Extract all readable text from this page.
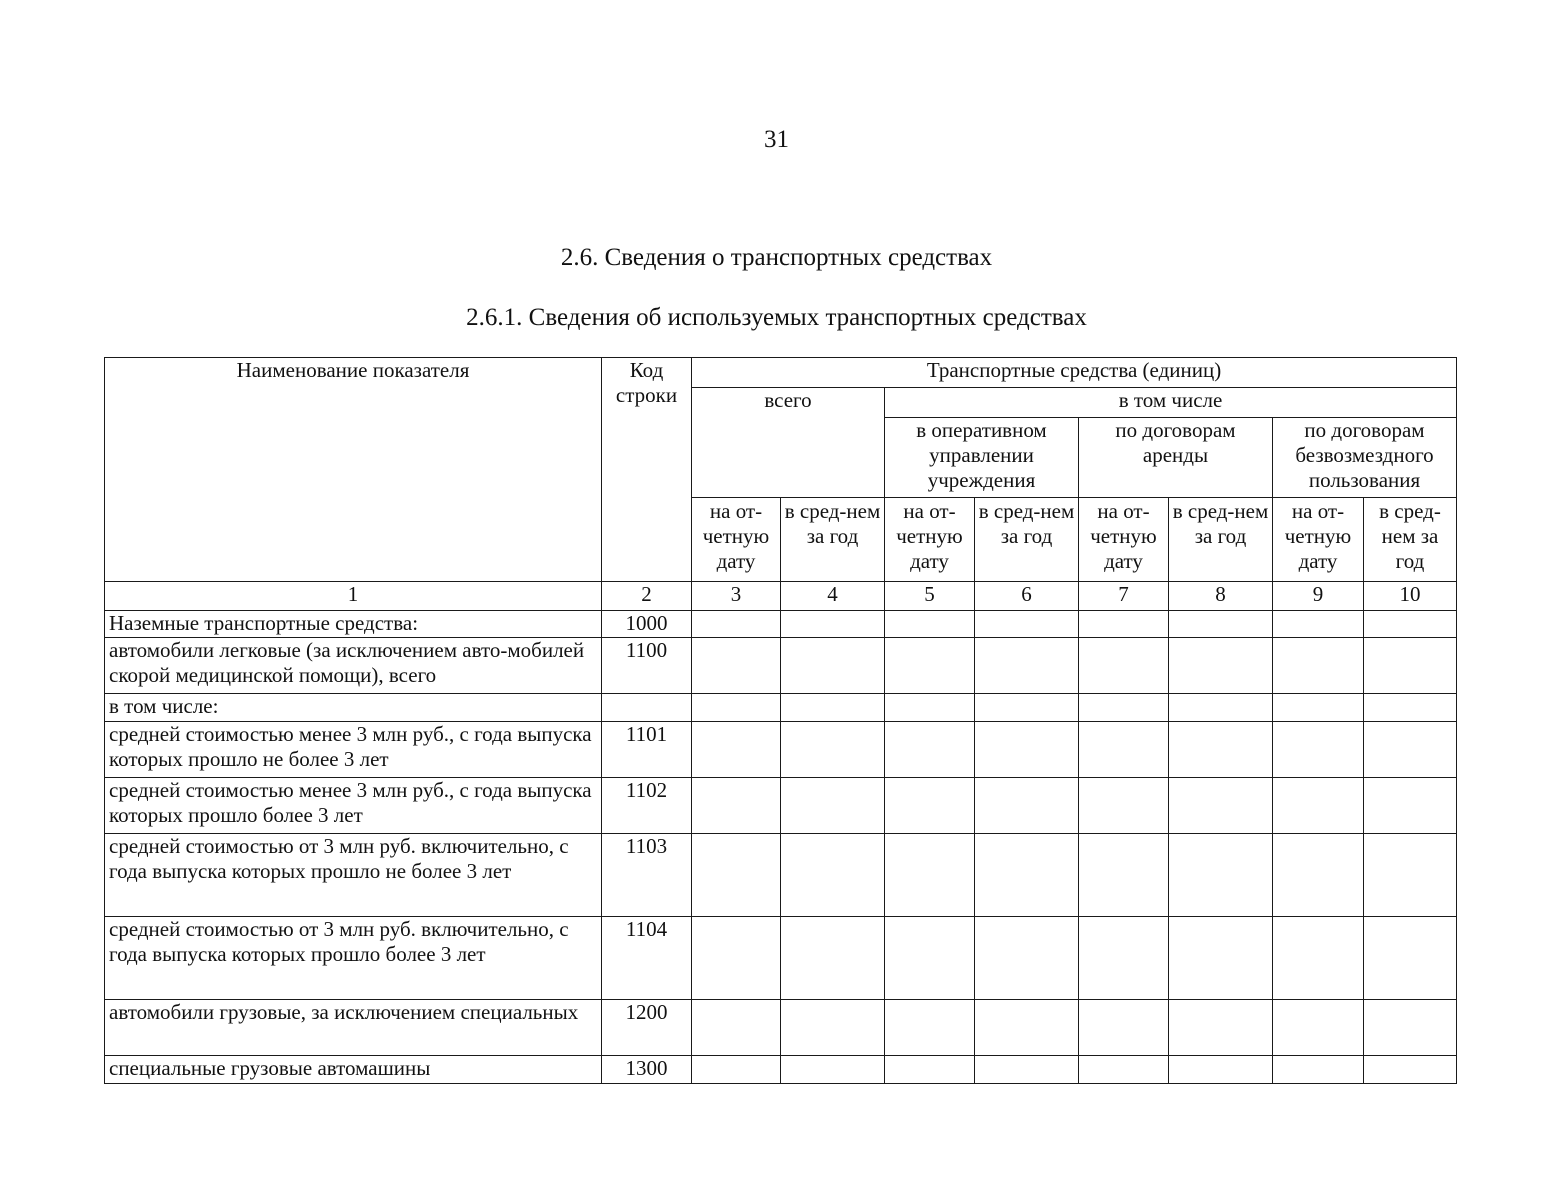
31
2.6. Сведения о транспортных средствах
2.6.1. Сведения об используемых транспортных средствах
Наименование показателя	Код строки	Транспортные средства (единиц)							
		всего		в том числе					
				в оперативном управлении учреждения		по договорам аренды		по договорам безвозмездного пользования	
		на от-четную дату	в сред-нем за год	на от-четную дату	в сред-нем за год	на от-четную дату	в сред-нем за год	на от-четную дату	в сред-нем за год
1	2	3	4	5	6	7	8	9	10
Наземные транспортные средства:	1000								
автомобили легковые (за исключением авто-мобилей скорой медицинской помощи), всего	1100								
в том числе:									
средней стоимостью менее 3 млн руб., с года выпуска которых прошло не более 3 лет	1101								
средней стоимостью менее 3 млн руб., с года выпуска которых прошло более 3 лет	1102								
средней стоимостью от 3 млн руб. включительно, с года выпуска которых прошло не более 3 лет	1103								
средней стоимостью от 3 млн руб. включительно, с года выпуска которых прошло более 3 лет	1104								
автомобили грузовые, за исключением специальных	1200								
специальные грузовые автомашины	1300								
